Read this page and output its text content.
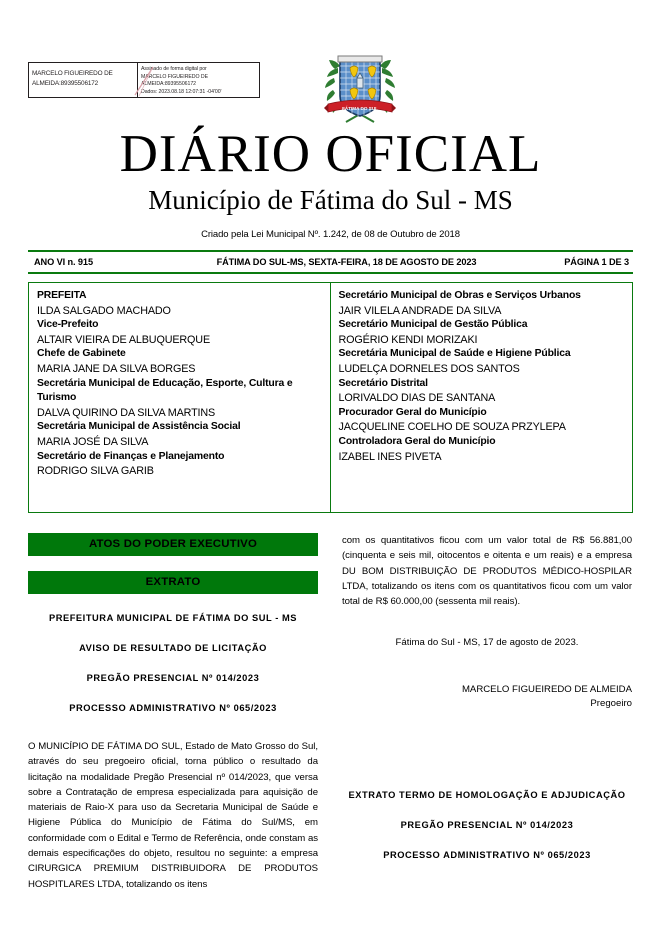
MARCELO FIGUEIREDO DE ALMEIDA:89395506172
Assinado de forma digital por
MARCELO FIGUEIREDO DE
ALMEIDA:89395506172
Dados: 2023.08.18 12:07:31 -04'00'
FÁTIMA DO SUL
DIÁRIO OFICIAL
Município de Fátima do Sul - MS
Criado pela Lei Municipal Nº. 1.242, de 08 de Outubro de 2018
ANO VI n. 915	FÁTIMA DO SUL-MS, SEXTA-FEIRA, 18 DE AGOSTO DE 2023	PÁGINA 1 DE 3
PREFEITA
ILDA SALGADO MACHADO
Vice-Prefeito
ALTAIR VIEIRA DE ALBUQUERQUE
Chefe de Gabinete
MARIA JANE DA SILVA BORGES
Secretária Municipal de Educação, Esporte, Cultura e Turismo
DALVA QUIRINO DA SILVA MARTINS
Secretária Municipal de Assistência Social
MARIA JOSÉ DA SILVA
Secretário de Finanças e Planejamento
RODRIGO SILVA GARIB
Secretário Municipal de Obras e Serviços Urbanos
JAIR VILELA ANDRADE DA SILVA
Secretário Municipal de Gestão Pública
ROGÉRIO KENDI MORIZAKI
Secretária Municipal de Saúde e Higiene Pública
LUDELÇA DORNELES DOS SANTOS
Secretário Distrital
LORIVALDO DIAS DE SANTANA
Procurador Geral do Município
JACQUELINE COELHO DE SOUZA PRZYLEPA
Controladora Geral do Município
IZABEL INES PIVETA
ATOS DO PODER EXECUTIVO
EXTRATO
PREFEITURA MUNICIPAL DE FÁTIMA DO SUL - MS
AVISO DE RESULTADO DE LICITAÇÃO
PREGÃO PRESENCIAL Nº 014/2023
PROCESSO ADMINISTRATIVO Nº 065/2023
O MUNICÍPIO DE FÁTIMA DO SUL, Estado de Mato Grosso do Sul, através do seu pregoeiro oficial, torna público o resultado da licitação na modalidade Pregão Presencial nº 014/2023, que versa sobre a Contratação de empresa especializada para aquisição de materiais de Raio-X para uso da Secretaria Municipal de Saúde e Higiene Pública do Município de Fátima do Sul/MS, em conformidade com o Edital e Termo de Referência, onde constam as demais especificações do objeto, resultou no seguinte: a empresa CIRURGICA PREMIUM DISTRIBUIDORA DE PRODUTOS HOSPITLARES LTDA, totalizando os itens
com os quantitativos ficou com um valor total de R$ 56.881,00 (cinquenta e seis mil, oitocentos e oitenta e um reais) e a empresa DU BOM DISTRIBUIÇÃO DE PRODUTOS MÉDICO-HOSPILAR LTDA, totalizando os itens com os quantitativos ficou com um valor total de R$ 60.000,00 (sessenta mil reais).
Fátima do Sul - MS, 17 de agosto de 2023.
MARCELO FIGUEIREDO DE ALMEIDA
Pregoeiro
EXTRATO TERMO DE HOMOLOGAÇÃO E ADJUDICAÇÃO
PREGÃO PRESENCIAL Nº 014/2023
PROCESSO ADMINISTRATIVO Nº 065/2023
